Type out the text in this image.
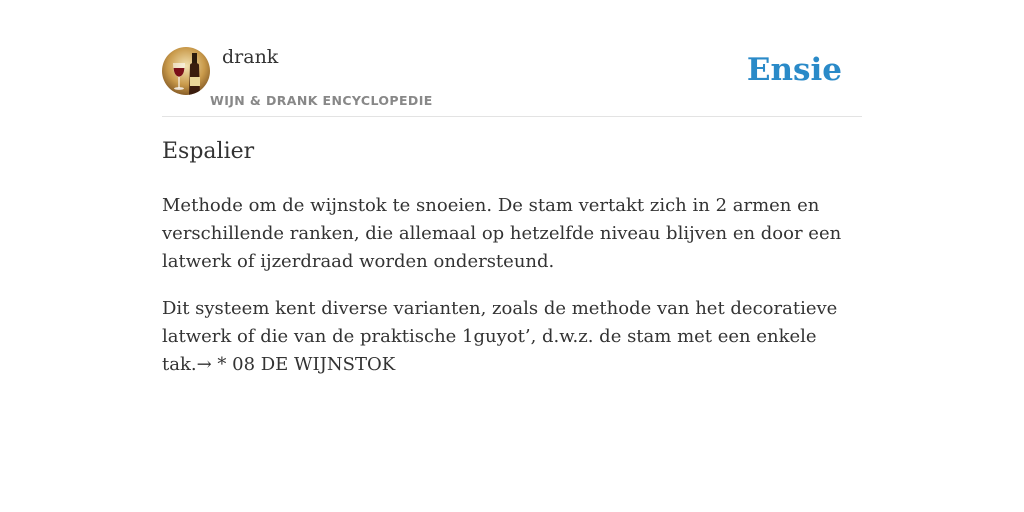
drank
WIJN & DRANK ENCYCLOPEDIE
Ensie
Espalier

Methode om de wijnstok te snoeien. De stam vertakt zich in 2 armen en verschillende ranken, die allemaal op hetzelfde niveau blijven en door een latwerk of ijzerdraad worden ondersteund.

Dit systeem kent diverse varianten, zoals de methode van het decoratieve latwerk of die van de praktische 1guyot’, d.w.z. de stam met een enkele tak.→ * 08 DE WIJNSTOK
